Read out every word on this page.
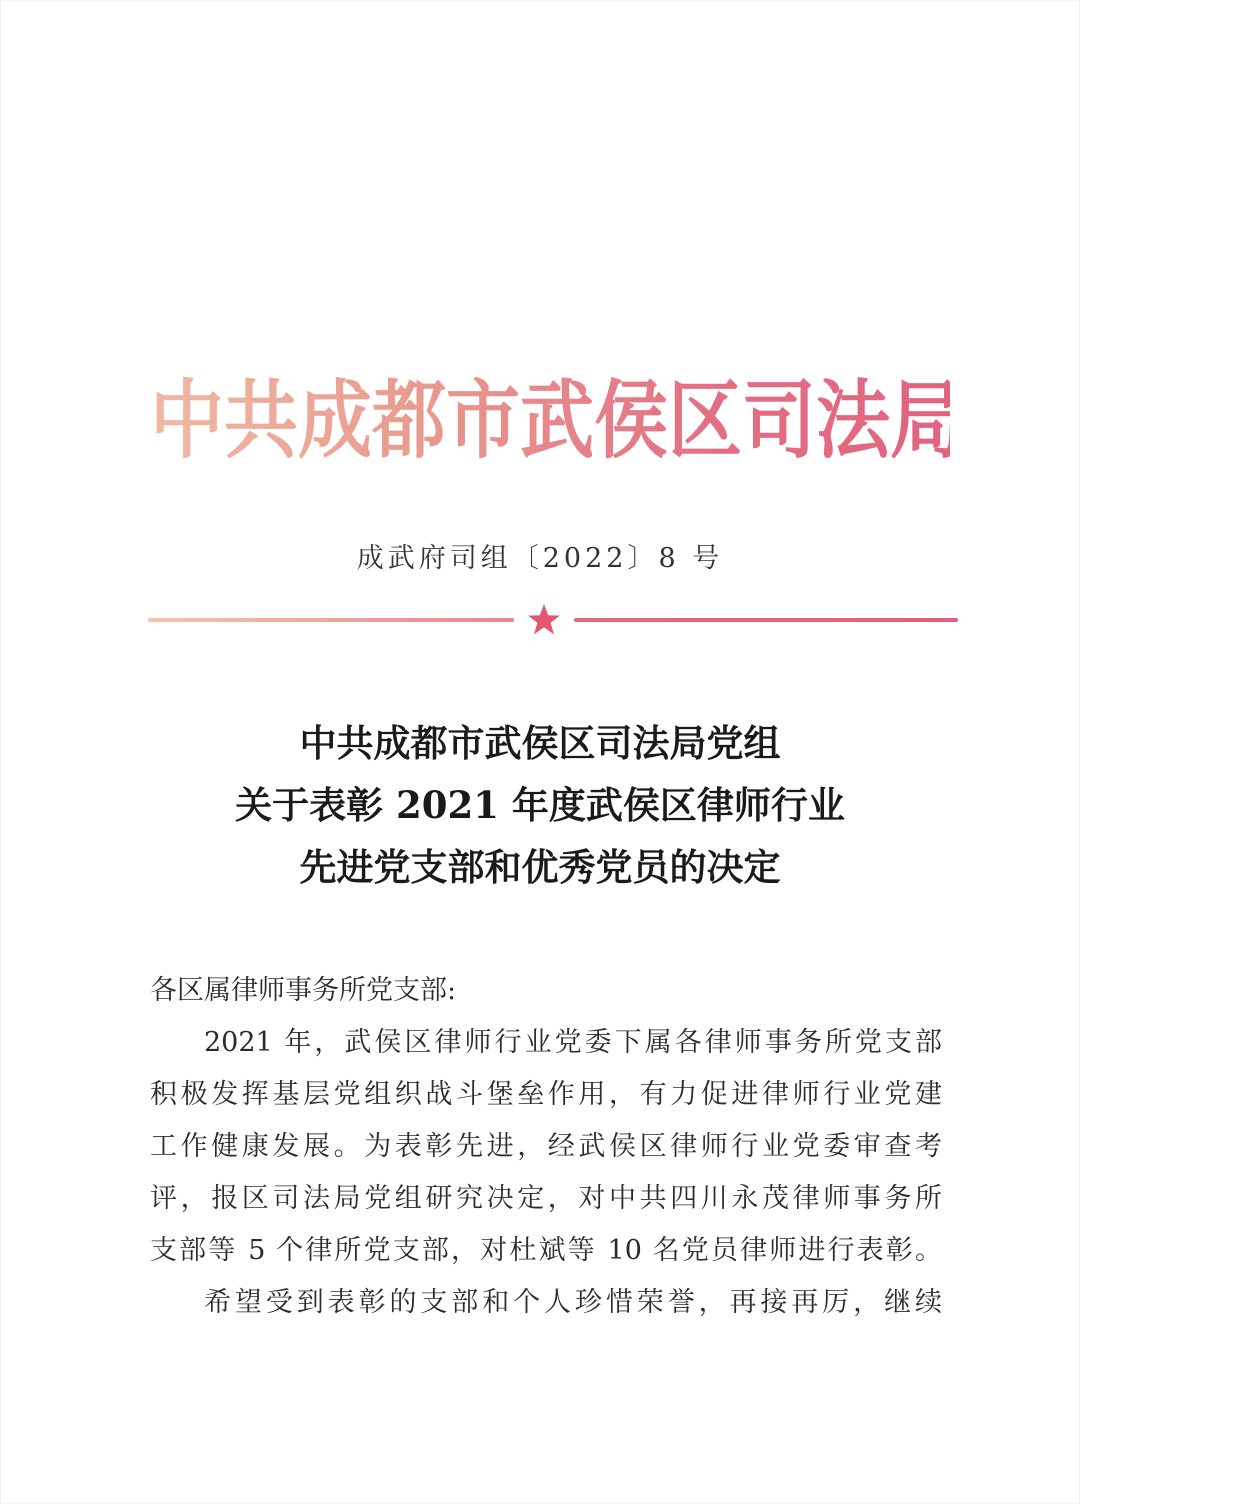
中共成都市武侯区司法局党组文件
成武府司组〔2022〕8 号
中共成都市武侯区司法局党组
关于表彰 2021 年度武侯区律师行业
先进党支部和优秀党员的决定
各区属律师事务所党支部:
2021 年，武侯区律师行业党委下属各律师事务所党支部
积极发挥基层党组织战斗堡垒作用，有力促进律师行业党建
工作健康发展。为表彰先进，经武侯区律师行业党委审查考
评，报区司法局党组研究决定，对中共四川永茂律师事务所
支部等 5 个律所党支部，对杜斌等 10 名党员律师进行表彰。
希望受到表彰的支部和个人珍惜荣誉，再接再厉，继续
